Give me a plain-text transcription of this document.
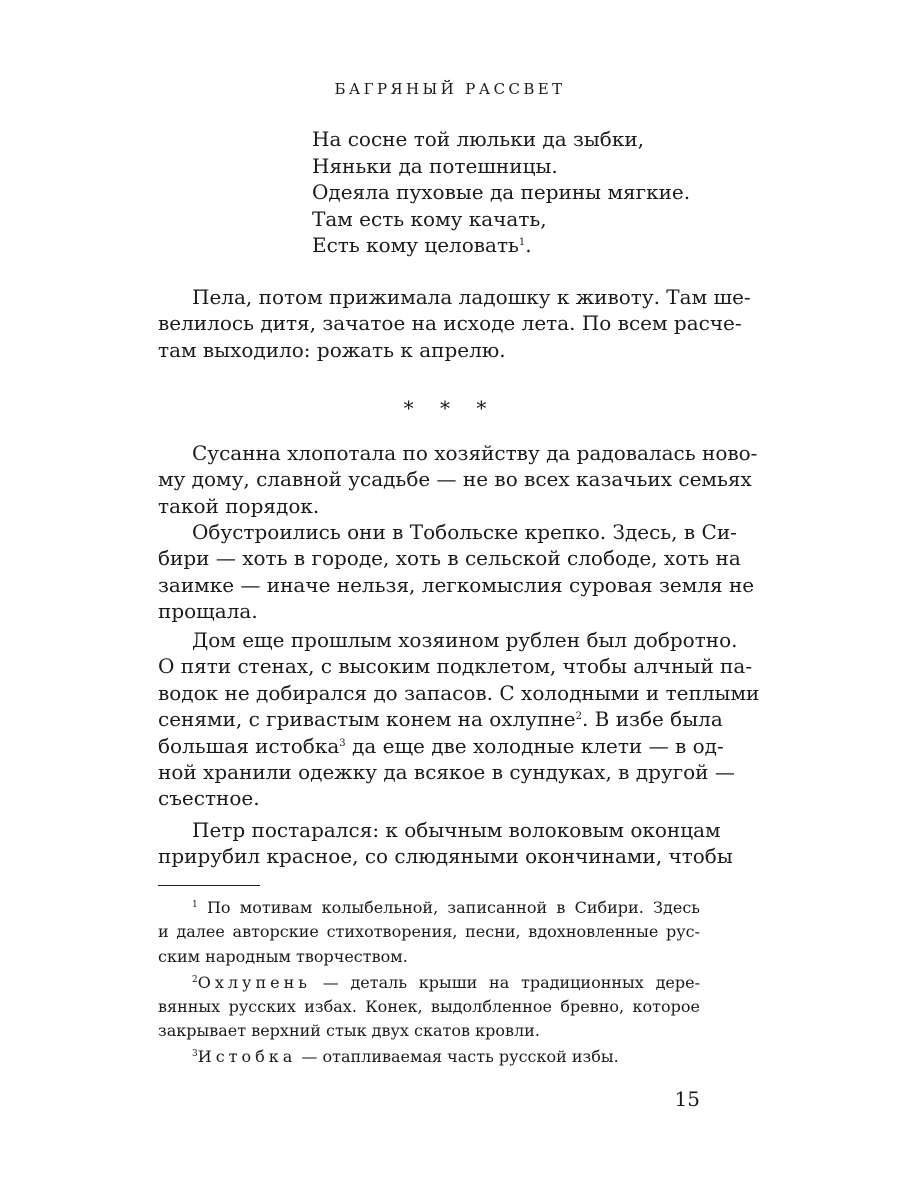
БАГРЯНЫЙ РАССВЕТ
На сосне той люльки да зыбки,
Няньки да потешницы.
Одеяла пуховые да перины мягкие.
Там есть кому качать,
Есть кому целовать$^1$.
Пела, потом прижимала ладошку к животу. Там ше-
велилось дитя, зачатое на исходе лета. По всем расче-
там выходило: рожать к апрелю.
* * *
Сусанна хлопотала по хозяйству да радовалась ново-
му дому, славной усадьбе — не во всех казачьих семьях
такой порядок.
Обустроились они в Тобольске крепко. Здесь, в Си-
бири — хоть в городе, хоть в сельской слободе, хоть на
заимке — иначе нельзя, легкомыслия суровая земля не
прощала.
Дом еще прошлым хозяином рублен был добротно.
О пяти стенах, с высоким подклетом, чтобы алчный па-
водок не добирался до запасов. С холодными и теплыми
сенями, с гривастым конем на охлупне$^2$. В избе была
большая истобка$^3$ да еще две холодные клети — в од-
ной хранили одежку да всякое в сундуках, в другой —
съестное.
Петр постарался: к обычным волоковым оконцам
прирубил красное, со слюдяными окончинами, чтобы
$^1$ По мотивам колыбельной, записанной в Сибири. Здесь
и далее авторские стихотворения, песни, вдохновленные рус-
ским народным творчеством.
$^2$Охлупень — деталь крыши на традиционных дере-
вянных русских избах. Конек, выдолбленное бревно, которое
закрывает верхний стык двух скатов кровли.
$^3$Истобка — отапливаемая часть русской избы.
15
